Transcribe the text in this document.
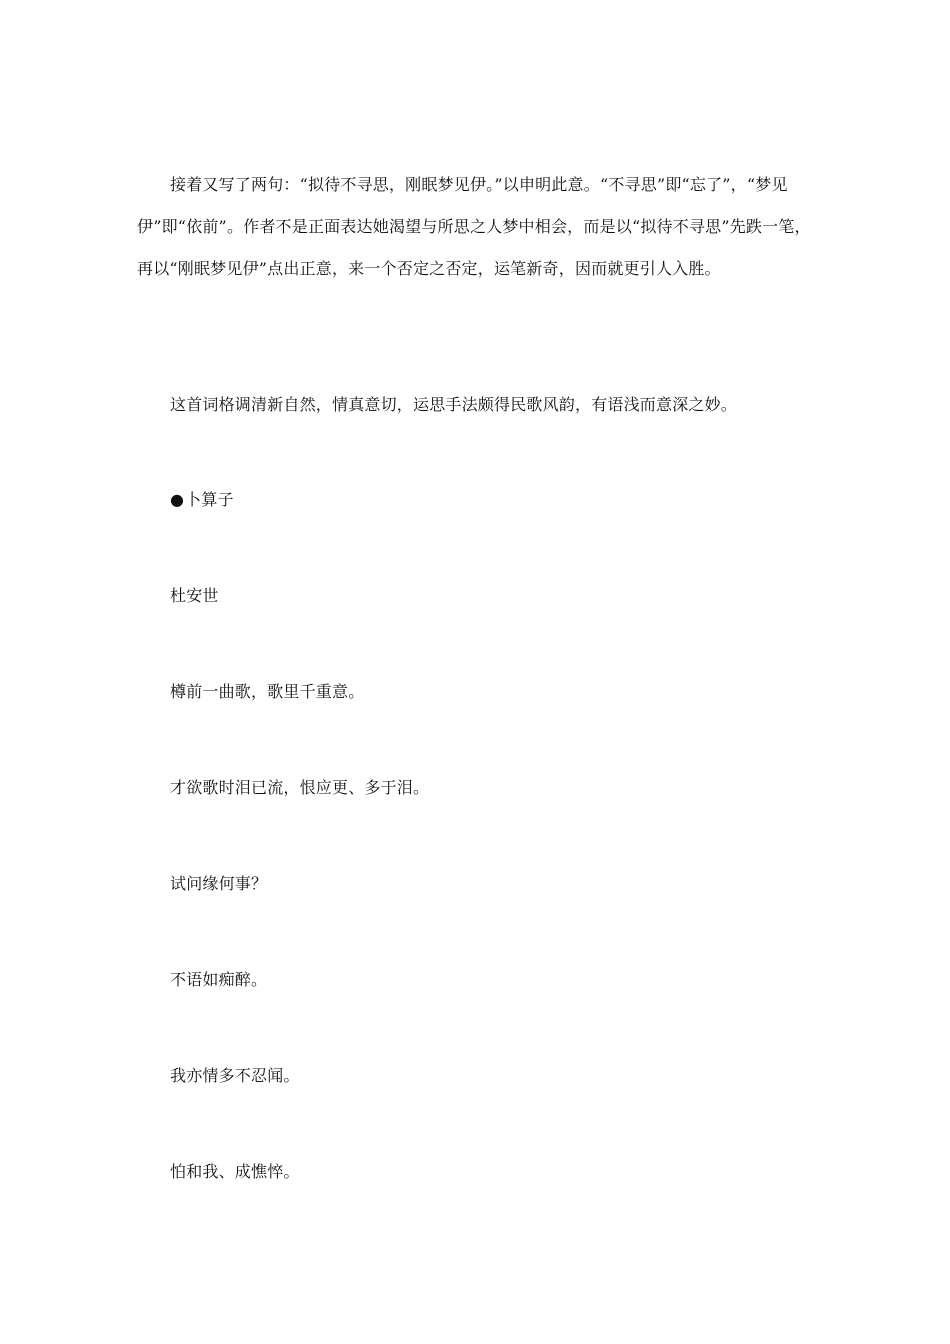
接着又写了两句：“拟待不寻思，刚眠梦见伊。”以申明此意。“不寻思”即“忘了”，“梦见伊”即“依前”。作者不是正面表达她渴望与所思之人梦中相会，而是以“拟待不寻思”先跌一笔，再以“刚眠梦见伊”点出正意，来一个否定之否定，运笔新奇，因而就更引人入胜。

这首词格调清新自然，情真意切，运思手法颇得民歌风韵，有语浅而意深之妙。

●卜算子
杜安世
樽前一曲歌，歌里千重意。
才欲歌时泪已流，恨应更、多于泪。
试问缘何事？
不语如痴醉。
我亦情多不忍闻。
怕和我、成憔悴。
